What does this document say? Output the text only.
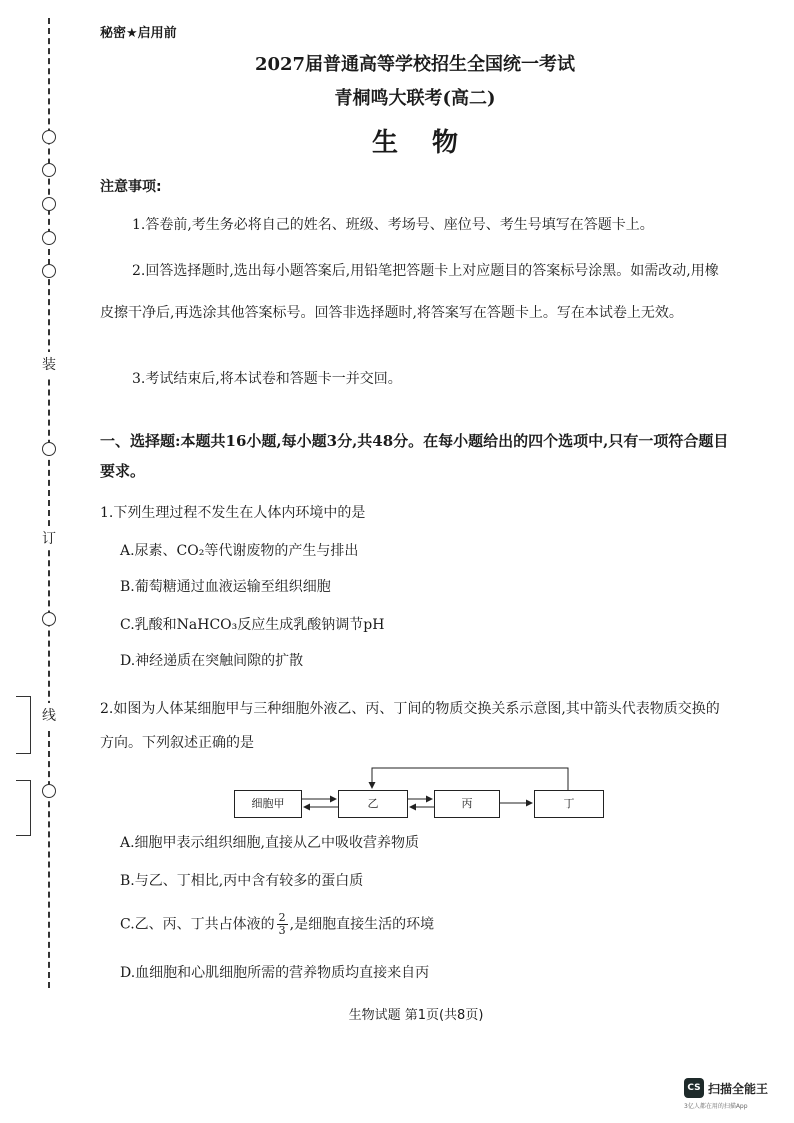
装
订
线
秘密★启用前
2027届普通高等学校招生全国统一考试
青桐鸣大联考(高二)
生物
注意事项:
1.答卷前,考生务必将自己的姓名、班级、考场号、座位号、考生号填写在答题卡上。
2.回答选择题时,选出每小题答案后,用铅笔把答题卡上对应题目的答案标号涂黑。如需改动,用橡皮擦干净后,再选涂其他答案标号。回答非选择题时,将答案写在答题卡上。写在本试卷上无效。
3.考试结束后,将本试卷和答题卡一并交回。
一、选择题:本题共16小题,每小题3分,共48分。在每小题给出的四个选项中,只有一项符合题目要求。
1.下列生理过程不发生在人体内环境中的是
A.尿素、CO₂等代谢废物的产生与排出
B.葡萄糖通过血液运输至组织细胞
C.乳酸和NaHCO₃反应生成乳酸钠调节pH
D.神经递质在突触间隙的扩散
2.如图为人体某细胞甲与三种细胞外液乙、丙、丁间的物质交换关系示意图,其中箭头代表物质交换的方向。下列叙述正确的是
细胞甲	乙	丙	丁
A.细胞甲表示组织细胞,直接从乙中吸收营养物质
B.与乙、丁相比,丙中含有较多的蛋白质
C.乙、丙、丁共占体液的 $\frac{2}{3}$ ,是细胞直接生活的环境
D.血细胞和心肌细胞所需的营养物质均直接来自丙
生物试题 第1页(共8页)
CS 扫描全能王
3亿人都在用的扫描App
